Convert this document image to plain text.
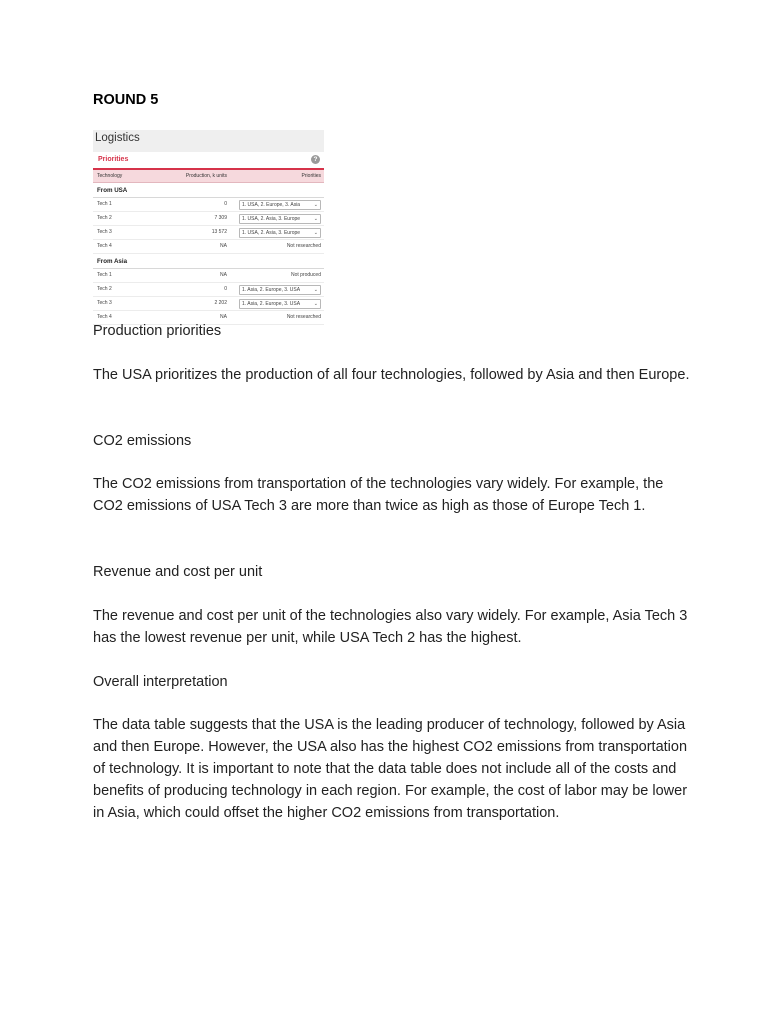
ROUND 5
Logistics
Priorities	?
Technology	Production, k units	Priorities
From USA
Tech 1	0	1. USA, 2. Europe, 3. Asia	⌄
Tech 2	7 309	1. USA, 2. Asia, 3. Europe	⌄
Tech 3	13 572	1. USA, 2. Asia, 3. Europe	⌄
Tech 4	NA	Not researched
From Asia
Tech 1	NA	Not produced
Tech 2	0	1. Asia, 2. Europe, 3. USA	⌄
Tech 3	2 202	1. Asia, 2. Europe, 3. USA	⌄
Tech 4	NA	Not researched
Production priorities
The USA prioritizes the production of all four technologies, followed by Asia and then Europe.
CO2 emissions
The CO2 emissions from transportation of the technologies vary widely. For example, the CO2 emissions of USA Tech 3 are more than twice as high as those of Europe Tech 1.
Revenue and cost per unit
The revenue and cost per unit of the technologies also vary widely. For example, Asia Tech 3 has the lowest revenue per unit, while USA Tech 2 has the highest.
Overall interpretation
The data table suggests that the USA is the leading producer of technology, followed by Asia and then Europe. However, the USA also has the highest CO2 emissions from transportation of technology. It is important to note that the data table does not include all of the costs and benefits of producing technology in each region. For example, the cost of labor may be lower in Asia, which could offset the higher CO2 emissions from transportation.
